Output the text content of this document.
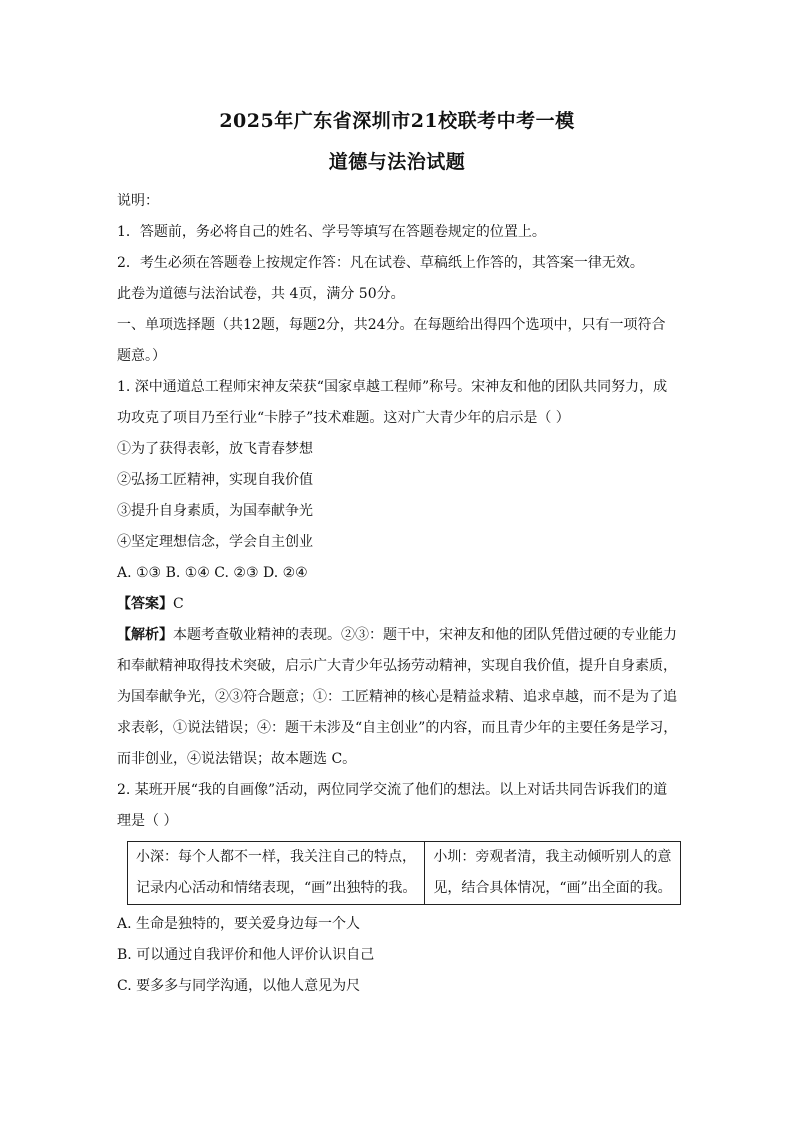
2025年广东省深圳市21校联考中考一模
道德与法治试题
说明：
1．答题前，务必将自己的姓名、学号等填写在答题卷规定的位置上。
2．考生必须在答题卷上按规定作答：凡在试卷、草稿纸上作答的，其答案一律无效。
此卷为道德与法治试卷，共 4页，满分 50分。
一、单项选择题（共12题，每题2分，共24分。在每题给出得四个选项中，只有一项符合
题意。）
1. 深中通道总工程师宋神友荣获“国家卓越工程师”称号。宋神友和他的团队共同努力，成
功攻克了项目乃至行业“卡脖子”技术难题。这对广大青少年的启示是（ ）
①为了获得表彰，放飞青春梦想
②弘扬工匠精神，实现自我价值
③提升自身素质，为国奉献争光
④坚定理想信念，学会自主创业
A. ①③ B. ①④ C. ②③ D. ②④
【答案】C
【解析】本题考查敬业精神的表现。②③：题干中，宋神友和他的团队凭借过硬的专业能力
和奉献精神取得技术突破，启示广大青少年弘扬劳动精神，实现自我价值，提升自身素质，
为国奉献争光，②③符合题意；①：工匠精神的核心是精益求精、追求卓越，而不是为了追
求表彰，①说法错误；④：题干未涉及“自主创业”的内容，而且青少年的主要任务是学习，
而非创业，④说法错误；故本题选 C。
2. 某班开展“我的自画像”活动，两位同学交流了他们的想法。以上对话共同告诉我们的道
理是（ ）
小深：每个人都不一样，我关注自己的特点，
记录内心活动和情绪表现，“画”出独特的我。

小圳：旁观者清，我主动倾听别人的意
见，结合具体情况，“画”出全面的我。
A. 生命是独特的，要关爱身边每一个人
B. 可以通过自我评价和他人评价认识自己
C. 要多多与同学沟通，以他人意见为尺
